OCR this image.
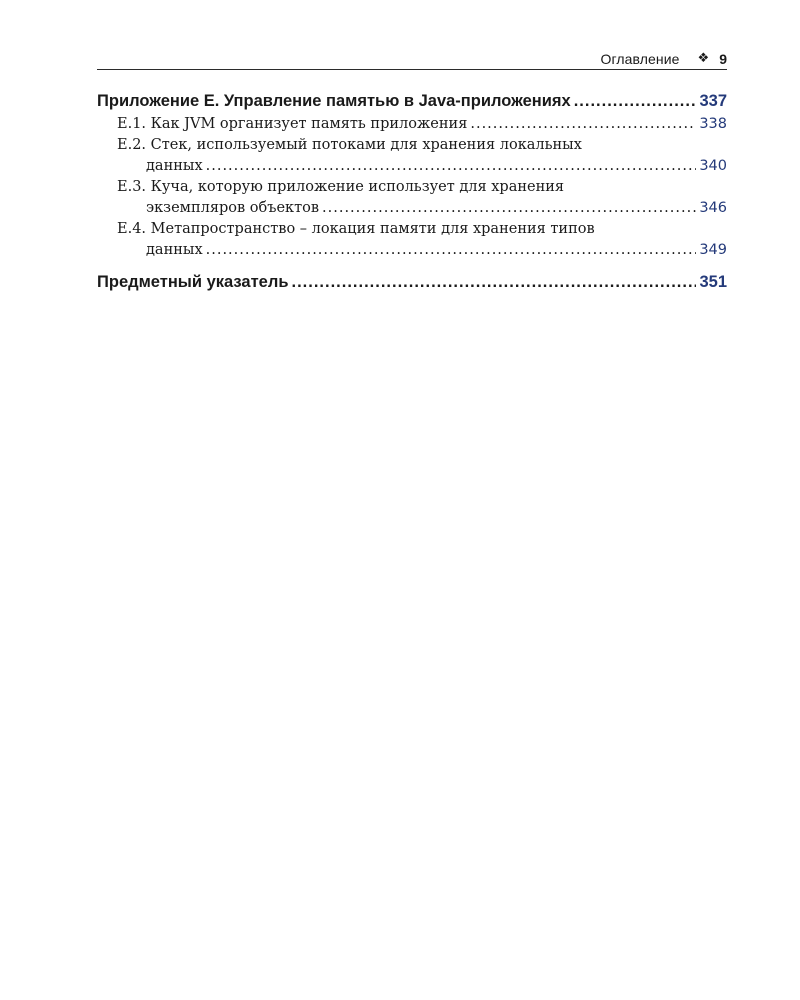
Оглавление ❖ 9
Приложение Е. Управление памятью в Java-приложениях .....	337
Е.1. Как JVM организует память приложения .....	338
Е.2. Стек, используемый потоками для хранения локальных
данных .....	340
Е.3. Куча, которую приложение использует для хранения
экземпляров объектов .....	346
Е.4. Метапространство – локация памяти для хранения типов
данных .....	349
Предметный указатель .....	351
